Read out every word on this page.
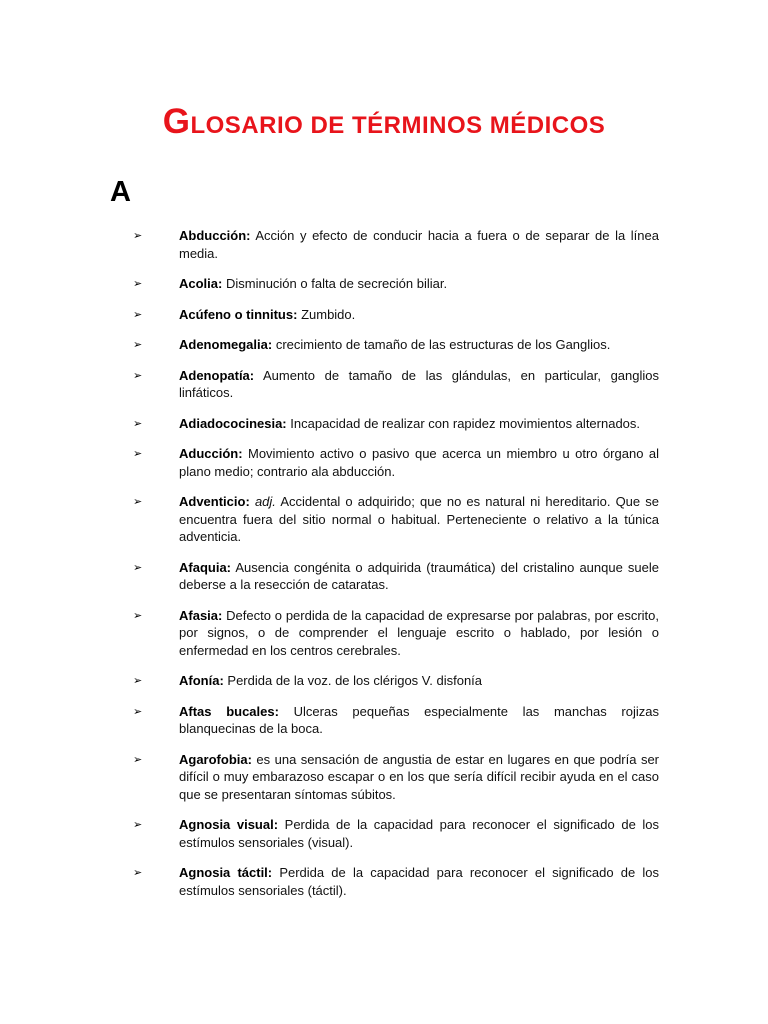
GLOSARIO DE TÉRMINOS MÉDICOS
A
➢	Abducción: Acción y efecto de conducir hacia a fuera o de separar de la línea media.
➢	Acolia: Disminución o falta de secreción biliar.
➢	Acúfeno o tinnitus: Zumbido.
➢	Adenomegalia: crecimiento de tamaño de las estructuras de los Ganglios.
➢	Adenopatía: Aumento de tamaño de las glándulas, en particular, ganglios linfáticos.
➢	Adiadococinesia: Incapacidad de realizar con rapidez movimientos alternados.
➢	Aducción: Movimiento activo o pasivo que acerca un miembro u otro órgano al plano medio; contrario ala abducción.
➢	Adventicio: adj. Accidental o adquirido; que no es natural ni hereditario. Que se encuentra fuera del sitio normal o habitual. Perteneciente o relativo a la túnica adventicia.
➢	Afaquia: Ausencia congénita o adquirida (traumática) del cristalino aunque suele deberse a la resección de cataratas.
➢	Afasia: Defecto o perdida de la capacidad de expresarse por palabras, por escrito, por signos, o de comprender el lenguaje escrito o hablado, por lesión o enfermedad en los centros cerebrales.
➢	Afonía: Perdida de la voz. de los clérigos V. disfonía
➢	Aftas bucales: Ulceras pequeñas especialmente las manchas rojizas blanquecinas de la boca.
➢	Agarofobia: es una sensación de angustia de estar en lugares en que podría ser difícil o muy embarazoso escapar o en los que sería difícil recibir ayuda en el caso que se presentaran síntomas súbitos.
➢	Agnosia visual: Perdida de la capacidad para reconocer el significado de los estímulos sensoriales (visual).
➢	Agnosia táctil: Perdida de la capacidad para reconocer el significado de los estímulos sensoriales (táctil).
